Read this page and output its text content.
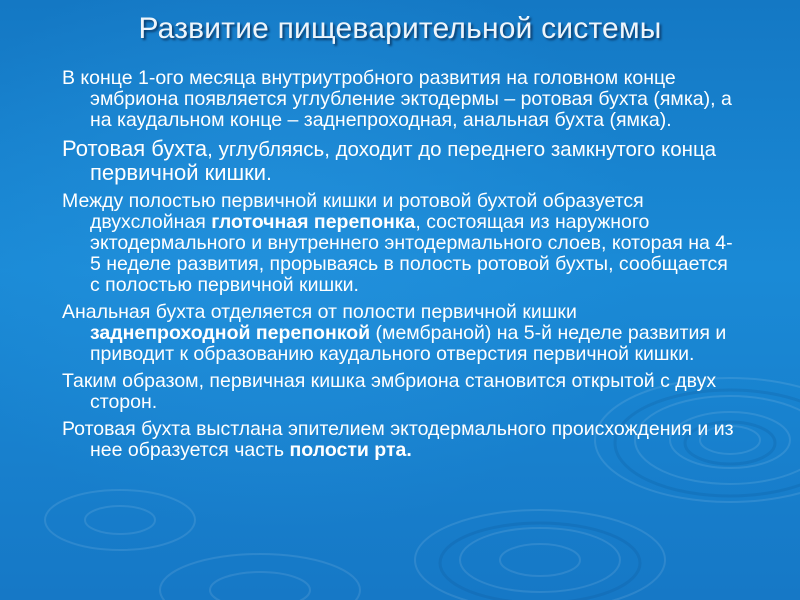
Развитие пищеварительной системы

В конце 1-ого месяца внутриутробного развития на головном конце эмбриона появляется углубление эктодермы – ротовая бухта (ямка), а на каудальном конце – заднепроходная, анальная бухта (ямка).

Ротовая бухта, углубляясь, доходит до переднего замкнутого конца первичной кишки.

Между полостью первичной кишки и ротовой бухтой образуется двухслойная глоточная перепонка, состоящая из наружного эктодермального и внутреннего энтодермального слоев, которая на 4-5 неделе развития, прорываясь в полость ротовой бухты, сообщается с полостью первичной кишки.

Анальная бухта отделяется от полости первичной кишки заднепроходной перепонкой (мембраной) на 5-й неделе развития и приводит к образованию каудального отверстия первичной кишки.

Таким образом, первичная кишка эмбриона становится открытой с двух сторон.

Ротовая бухта выстлана эпителием эктодермального происхождения и из нее образуется часть полости рта.
